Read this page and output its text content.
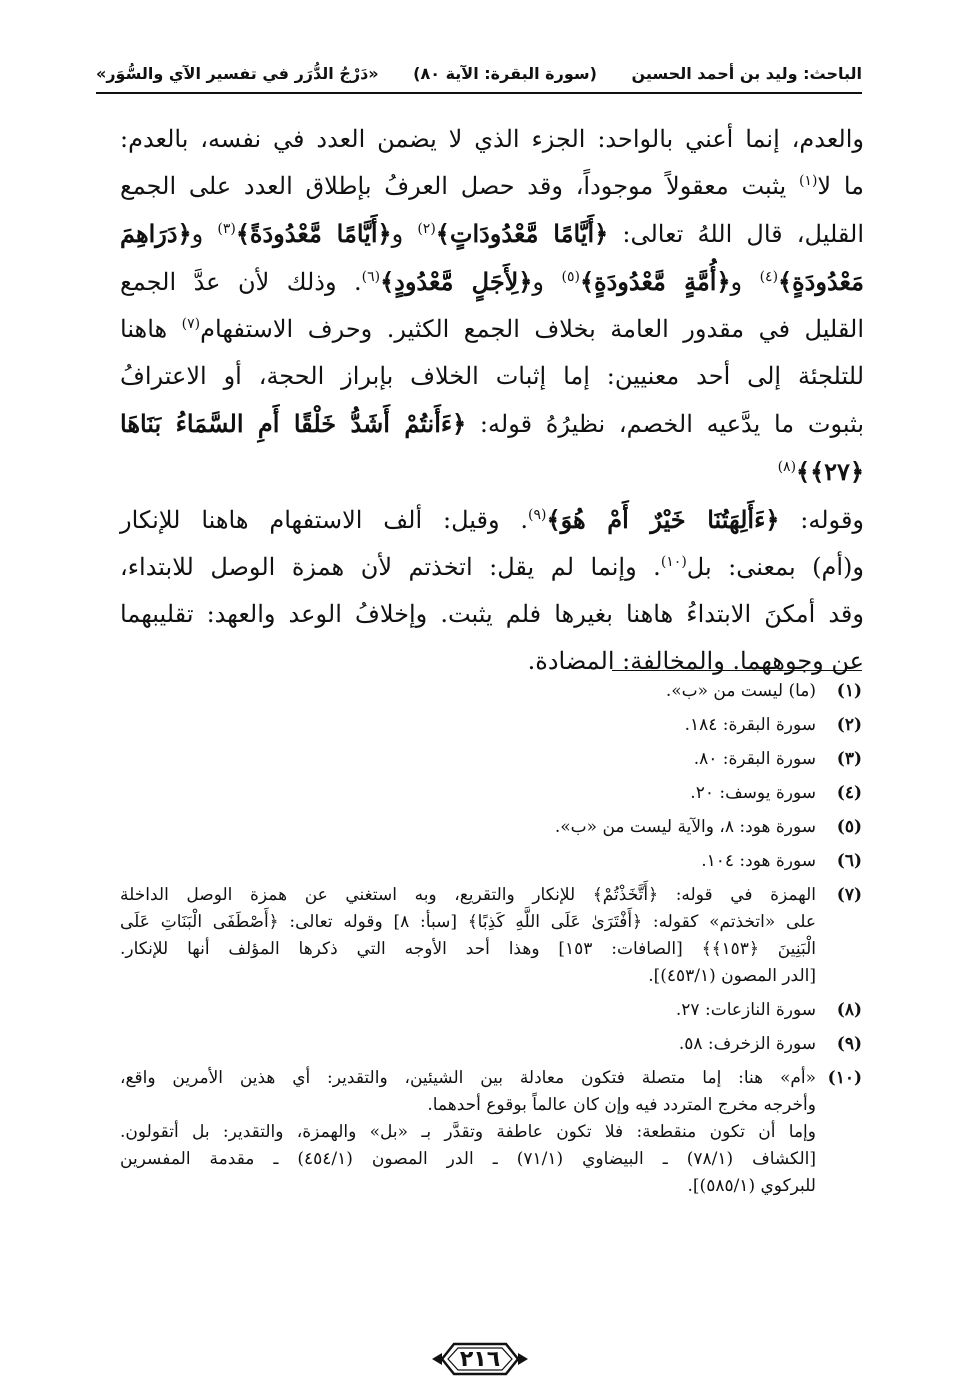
الباحث: وليد بن أحمد الحسين
(سورة البقرة: الآية ٨٠)
«دَرْجُ الدُّرَر في تفسير الآي والسُّوَر»

والعدم، إنما أعني بالواحد: الجزء الذي لا يضمن العدد في نفسه، بالعدم:

ما لا$^{(١)}$ يثبت معقولاً موجوداً، وقد حصل العرفُ بإطلاق العدد على الجمع

القليل، قال اللهُ تعالى: ﴿أَيَّامًا مَّعْدُودَاتٍ﴾$^{(٢)}$ و﴿أَيَّامًا مَّعْدُودَةً﴾$^{(٣)}$ و﴿دَرَاهِمَ

مَعْدُودَةٍ﴾$^{(٤)}$ و﴿أُمَّةٍ مَّعْدُودَةٍ﴾$^{(٥)}$ و﴿لِأَجَلٍ مَّعْدُودٍ﴾$^{(٦)}$. وذلك لأن عدَّ الجمع

القليل في مقدور العامة بخلاف الجمع الكثير. وحرف الاستفهام$^{(٧)}$ هاهنا

للتلجئة إلى أحد معنيين: إما إثبات الخلاف بإبراز الحجة، أو الاعترافُ

بثبوت ما يدَّعيه الخصم، نظيرُهُ قوله: ﴿ءَأَنتُمْ أَشَدُّ خَلْقًا أَمِ السَّمَاءُ بَنَاهَا ﴿٢٧﴾﴾$^{(٨)}$

وقوله: ﴿ءَأَلِهَتُنَا خَيْرٌ أَمْ هُوَ﴾$^{(٩)}$. وقيل: ألف الاستفهام هاهنا للإنكار

و(أم) بمعنى: بل$^{(١٠)}$. وإنما لم يقل: اتخذتم لأن همزة الوصل للابتداء،

وقد أمكنَ الابتداءُ هاهنا بغيرها فلم يثبت. وإخلافُ الوعد والعهد: تقليبهما

عن وجوههما. والمخالفة: المضادة.

(١)
(ما) ليست من «ب».
(٢)
سورة البقرة: ١٨٤.
(٣)
سورة البقرة: ٨٠.
(٤)
سورة يوسف: ٢٠.
(٥)
سورة هود: ٨، والآية ليست من «ب».
(٦)
سورة هود: ١٠٤.
(٧)
الهمزة في قوله: ﴿أَتَّخَذْتُمْ﴾ للإنكار والتقريع، وبه استغني عن همزة الوصل الداخلة
على «اتخذتم» كقوله: ﴿أَفْتَرَىٰ عَلَى اللَّهِ كَذِبًا﴾ [سبأ: ٨] وقوله تعالى: ﴿أَصْطَفَى الْبَنَاتِ عَلَى
الْبَنِينَ ﴿١٥٣﴾﴾ [الصافات: ١٥٣] وهذا أحد الأوجه التي ذكرها المؤلف أنها للإنكار.
[الدر المصون (٤٥٣/١)].
(٨)
سورة النازعات: ٢٧.
(٩)
سورة الزخرف: ٥٨.
(١٠)
«أم» هنا: إما متصلة فتكون معادلة بين الشيئين، والتقدير: أي هذين الأمرين واقع،
وأخرجه مخرج المتردد فيه وإن كان عالماً بوقوع أحدهما.
وإما أن تكون منقطعة: فلا تكون عاطفة وتقدَّر بـ «بل» والهمزة، والتقدير: بل أتقولون.
[الكشاف (٧٨/١) ـ البيضاوي (٧١/١) ـ الدر المصون (٤٥٤/١) ـ مقدمة المفسرين
للبركوي (٥٨٥/١)].
٢١٦
